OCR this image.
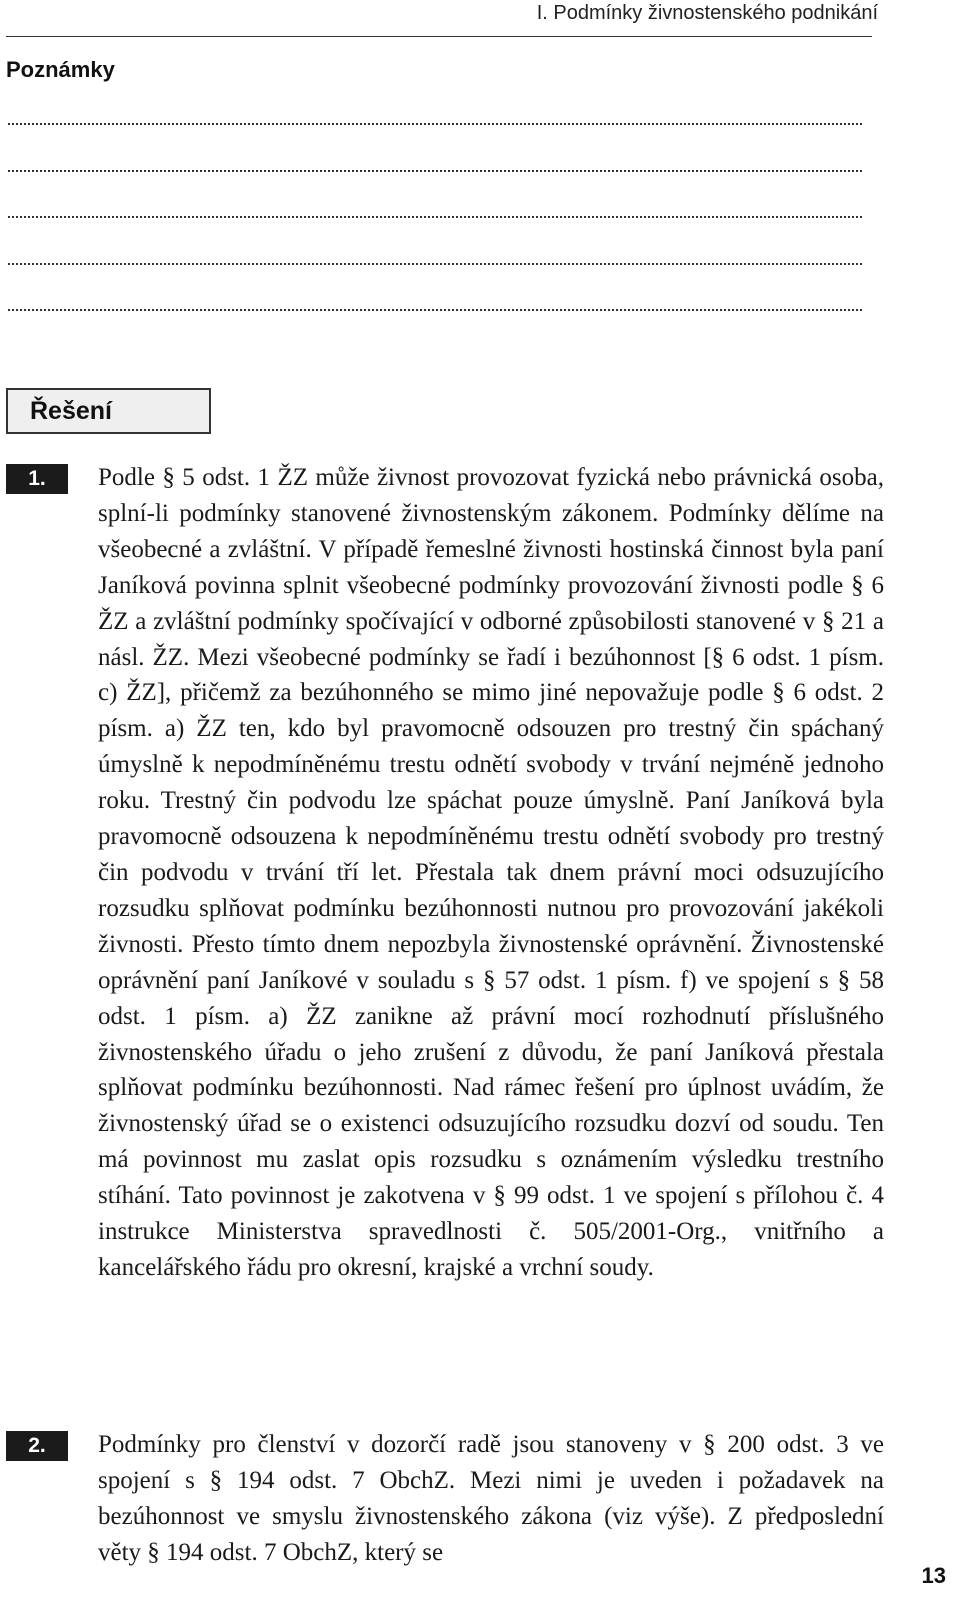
I. Podmínky živnostenského podnikání
Poznámky
Řešení
1.	Podle § 5 odst. 1 ŽZ může živnost provozovat fyzická nebo právnická osoba, splní-li podmínky stanovené živnostenským zákonem. Podmínky dělíme na všeobecné a zvláštní. V případě řemeslné živnosti hostinská činnost byla paní Janíková povinna splnit všeobecné podmínky provozování živnosti podle § 6 ŽZ a zvláštní podmínky spočívající v odborné způsobilosti stanovené v § 21 a násl. ŽZ. Mezi všeobecné podmínky se řadí i bezúhonnost [§ 6 odst. 1 písm. c) ŽZ], přičemž za bezúhonného se mimo jiné nepovažuje podle § 6 odst. 2 písm. a) ŽZ ten, kdo byl pravomocně odsouzen pro trestný čin spáchaný úmyslně k nepodmíněnému trestu odnětí svobody v trvání nejméně jednoho roku. Trestný čin podvodu lze spáchat pouze úmyslně. Paní Janíková byla pravomocně odsouzena k nepodmíněnému trestu odnětí svobody pro trestný čin podvodu v trvání tří let. Přestala tak dnem právní moci odsuzujícího rozsudku splňovat podmínku bezúhonnosti nutnou pro provozování jakékoli živnosti. Přesto tímto dnem nepozbyla živnostenské oprávnění. Živnostenské oprávnění paní Janíkové v souladu s § 57 odst. 1 písm. f) ve spojení s § 58 odst. 1 písm. a) ŽZ zanikne až právní mocí rozhodnutí příslušného živnostenského úřadu o jeho zrušení z důvodu, že paní Janíková přestala splňovat podmínku bezúhonnosti. Nad rámec řešení pro úplnost uvádím, že živnostenský úřad se o existenci odsuzujícího rozsudku dozví od soudu. Ten má povinnost mu zaslat opis rozsudku s oznámením výsledku trestního stíhání. Tato povinnost je zakotvena v § 99 odst. 1 ve spojení s přílohou č. 4 instrukce Ministerstva spravedlnosti č. 505/2001-Org., vnitřního a kancelářského řádu pro okresní, krajské a vrchní soudy.

2.	Podmínky pro členství v dozorčí radě jsou stanoveny v § 200 odst. 3 ve spojení s § 194 odst. 7 ObchZ. Mezi nimi je uveden i požadavek na bezúhonnost ve smyslu živnostenského zákona (viz výše). Z předposlední věty § 194 odst. 7 ObchZ, který se

13
